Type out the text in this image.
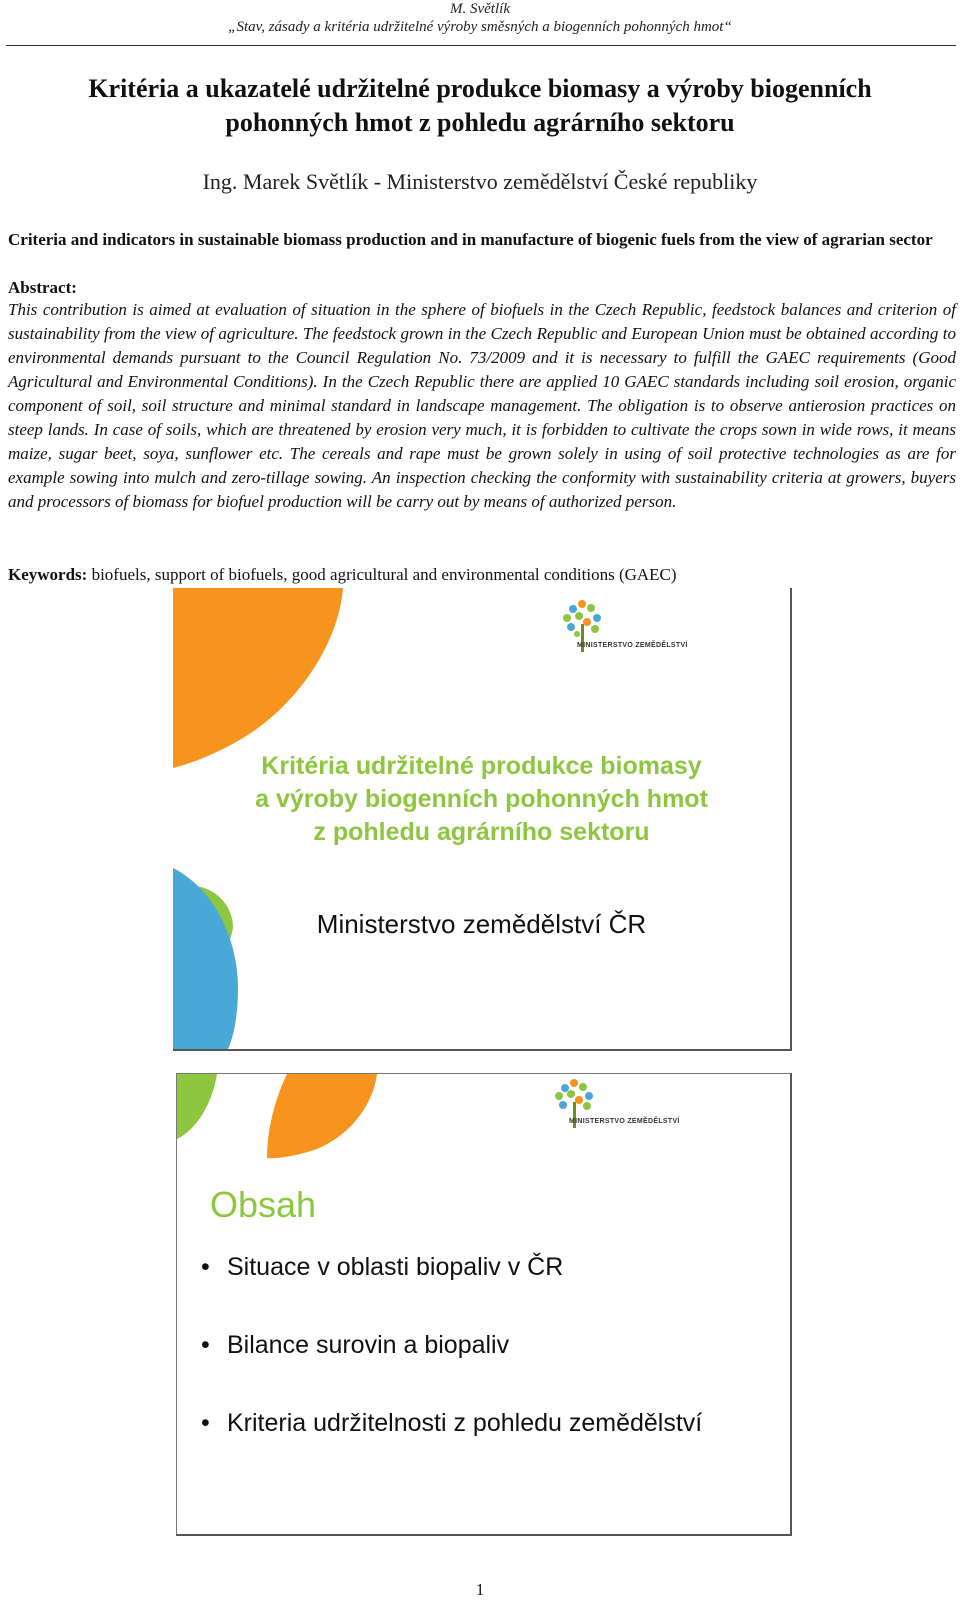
M. Světlík
„Stav, zásady a kritéria udržitelné výroby směsných a biogenních pohonných hmot“
Kritéria a ukazatelé udržitelné produkce biomasy a výroby biogenních
pohonných hmot z pohledu agrárního sektoru
Ing. Marek Světlík - Ministerstvo zemědělství České republiky
Criteria and indicators in sustainable biomass production and in manufacture of biogenic fuels from the view of agrarian sector
Abstract:
This contribution is aimed at evaluation of situation in the sphere of biofuels in the Czech Republic, feedstock balances and criterion of sustainability from the view of agriculture. The feedstock grown in the Czech Republic and European Union must be obtained according to environmental demands pursuant to the Council Regulation No. 73/2009 and it is necessary to fulfill the GAEC requirements (Good Agricultural and Environmental Conditions). In the Czech Republic there are applied 10 GAEC standards including soil erosion, organic component of soil, soil structure and minimal standard in landscape management. The obligation is to observe antierosion practices on steep lands. In case of soils, which are threatened by erosion very much, it is forbidden to cultivate the crops sown in wide rows, it means maize, sugar beet, soya, sunflower etc. The cereals and rape must be grown solely in using of soil protective technologies as are for example sowing into mulch and zero-tillage sowing. An inspection checking the conformity with sustainability criteria at growers, buyers and processors of biomass for biofuel production will be carry out by means of authorized person.
Keywords: biofuels, support of biofuels, good agricultural and environmental conditions (GAEC)
MINISTERSTVO ZEMĚDĚLSTVÍ
Kritéria udržitelné produkce biomasy
a výroby biogenních pohonných hmot
z pohledu agrárního sektoru
Ministerstvo zemědělství ČR
MINISTERSTVO ZEMĚDĚLSTVÍ
Obsah
• Situace v oblasti biopaliv v ČR
• Bilance surovin a biopaliv
• Kriteria udržitelnosti z pohledu zemědělství
1
